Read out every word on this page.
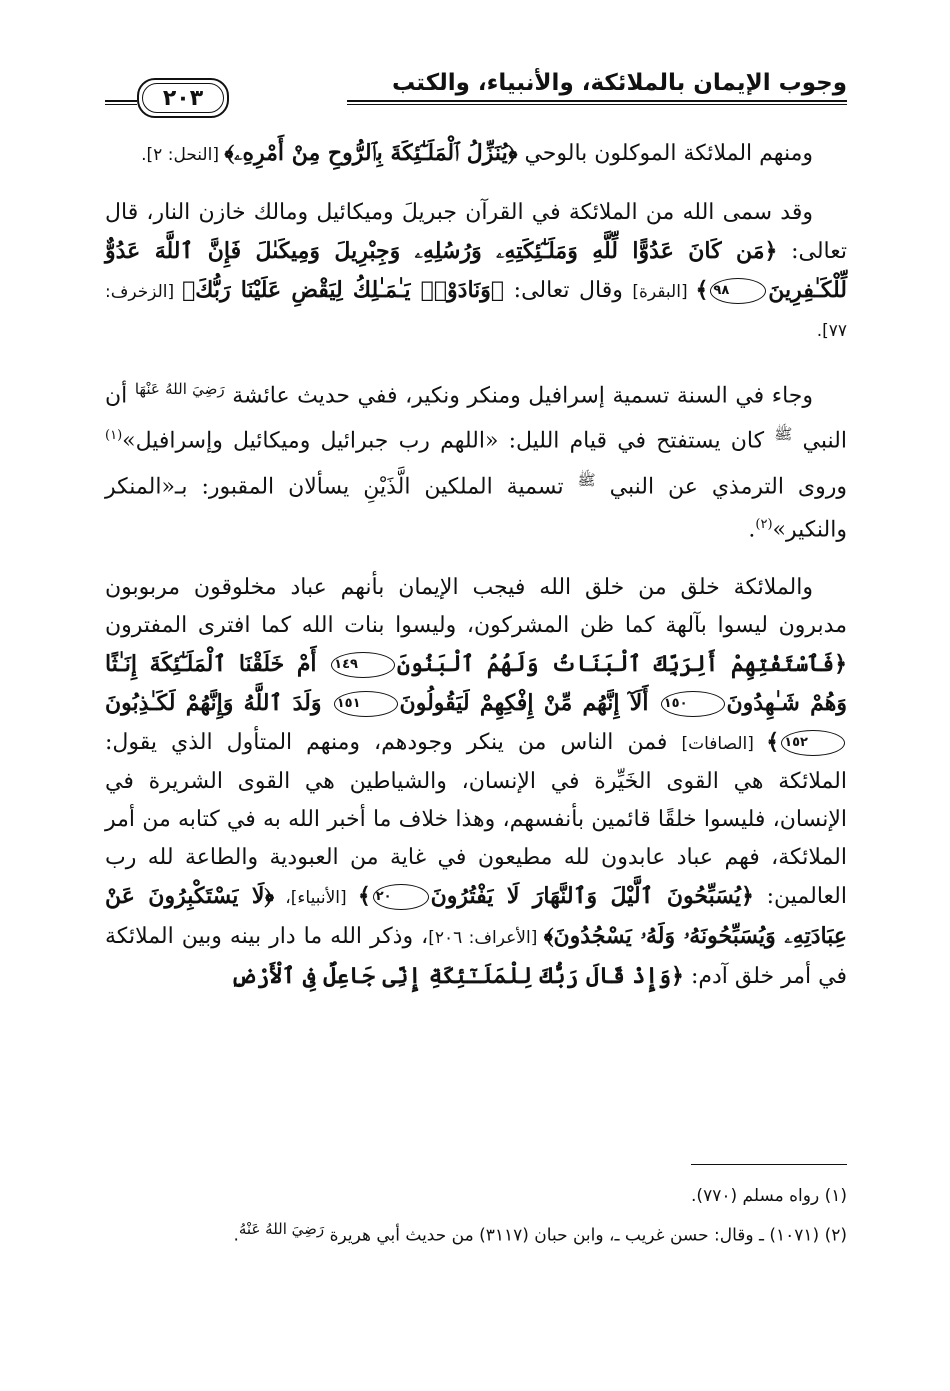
وجوب الإيمان بالملائكة، والأنبياء، والكتب
٢٠٣

ومنهم الملائكة الموكلون بالوحي ﴿يُنَزِّلُ ٱلْمَلَـٰٓئِكَةَ بِٱلرُّوحِ مِنْ أَمْرِهِۦ﴾ [النحل: ٢].

وقد سمى الله من الملائكة في القرآن جبريلَ وميكائيل ومالك خازن النار، قال تعالى: ﴿مَن كَانَ عَدُوًّا لِّلَّهِ وَمَلَـٰٓئِكَتِهِۦ وَرُسُلِهِۦ وَجِبْرِيلَ وَمِيكَىٰلَ فَإِنَّ ٱللَّهَ عَدُوٌّ لِّلْكَـٰفِرِينَ٩٨﴾ [البقرة] وقال تعالى: ﴿وَنَادَوْا۟ يَـٰمَـٰلِكُ لِيَقْضِ عَلَيْنَا رَبُّكَ﴾ [الزخرف: ٧٧].

وجاء في السنة تسمية إسرافيل ومنكر ونكير، ففي حديث عائشة $^{رَضِيَ اللهُ عَنْهَا}$ أن النبي $^ﷺ$ كان يستفتح في قيام الليل: «اللهم رب جبرائيل وميكائيل وإسرافيل»$^{(١)}$ وروى الترمذي عن النبي $^ﷺ$ تسمية الملكين الَّذَيْنِ يسألان المقبور: بـ«المنكر والنكير»$^{(٢)}$.

والملائكة خلق من خلق الله فيجب الإيمان بأنهم عباد مخلوقون مربوبون مدبرون ليسوا بآلهة كما ظن المشركون، وليسوا بنات الله كما افترى المفترون ﴿فَٱسْتَفْتِهِمْ أَلِرَبِّكَ ٱلْبَنَاتُ وَلَهُمُ ٱلْبَنُونَ١٤٩ أَمْ خَلَقْنَا ٱلْمَلَـٰٓئِكَةَ إِنَـٰثًا وَهُمْ شَـٰهِدُونَ١٥٠ أَلَآ إِنَّهُم مِّنْ إِفْكِهِمْ لَيَقُولُونَ١٥١ وَلَدَ ٱللَّهُ وَإِنَّهُمْ لَكَـٰذِبُونَ١٥٢﴾ [الصافات] فمن الناس من ينكر وجودهم، ومنهم المتأول الذي يقول: الملائكة هي القوى الخَيِّرة في الإنسان، والشياطين هي القوى الشريرة في الإنسان، فليسوا خلقًا قائمين بأنفسهم، وهذا خلاف ما أخبر الله به في كتابه من أمر الملائكة، فهم عباد عابدون لله مطيعون في غاية من العبودية والطاعة لله رب العالمين: ﴿يُسَبِّحُونَ ٱلَّيْلَ وَٱلنَّهَارَ لَا يَفْتُرُونَ٢٠﴾ [الأنبياء]، ﴿لَا يَسْتَكْبِرُونَ عَنْ عِبَادَتِهِۦ وَيُسَبِّحُونَهُۥ وَلَهُۥ يَسْجُدُونَ﴾ [الأعراف: ٢٠٦]، وذكر الله ما دار بينه وبين الملائكة في أمر خلق آدم: ﴿وَإِذْ قَالَ رَبُّكَ لِلْمَلَـٰٓئِكَةِ إِنِّى جَاعِلٌ فِى ٱلْأَرْضِ

(١) رواه مسلم (٧٧٠).

(٢) (١٠٧١) ـ وقال: حسن غريب ـ، وابن حبان (٣١١٧) من حديث أبي هريرة رَضِيَ اللهُ عَنْهُ.
